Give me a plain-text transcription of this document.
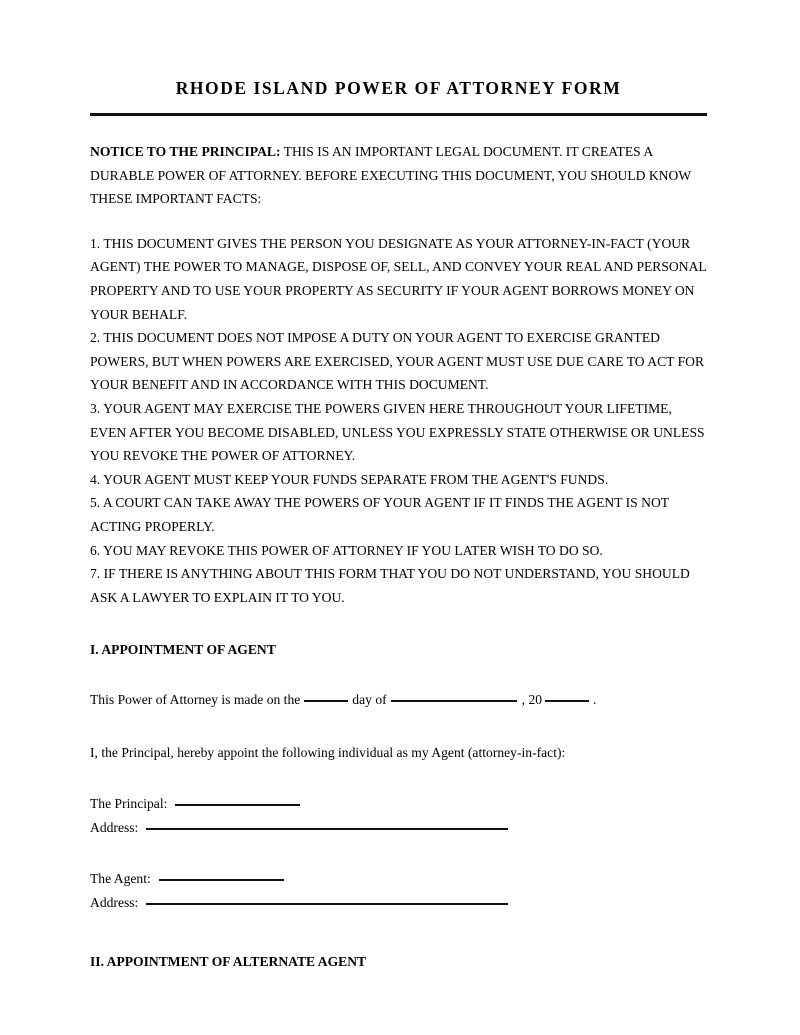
RHODE ISLAND POWER OF ATTORNEY FORM

NOTICE TO THE PRINCIPAL: THIS IS AN IMPORTANT LEGAL DOCUMENT. IT CREATES A DURABLE POWER OF ATTORNEY. BEFORE EXECUTING THIS DOCUMENT, YOU SHOULD KNOW THESE IMPORTANT FACTS:

1. THIS DOCUMENT GIVES THE PERSON YOU DESIGNATE AS YOUR ATTORNEY-IN-FACT (YOUR AGENT) THE POWER TO MANAGE, DISPOSE OF, SELL, AND CONVEY YOUR REAL AND PERSONAL PROPERTY AND TO USE YOUR PROPERTY AS SECURITY IF YOUR AGENT BORROWS MONEY ON YOUR BEHALF.

2. THIS DOCUMENT DOES NOT IMPOSE A DUTY ON YOUR AGENT TO EXERCISE GRANTED POWERS, BUT WHEN POWERS ARE EXERCISED, YOUR AGENT MUST USE DUE CARE TO ACT FOR YOUR BENEFIT AND IN ACCORDANCE WITH THIS DOCUMENT.

3. YOUR AGENT MAY EXERCISE THE POWERS GIVEN HERE THROUGHOUT YOUR LIFETIME, EVEN AFTER YOU BECOME DISABLED, UNLESS YOU EXPRESSLY STATE OTHERWISE OR UNLESS YOU REVOKE THE POWER OF ATTORNEY.

4. YOUR AGENT MUST KEEP YOUR FUNDS SEPARATE FROM THE AGENT'S FUNDS.

5. A COURT CAN TAKE AWAY THE POWERS OF YOUR AGENT IF IT FINDS THE AGENT IS NOT ACTING PROPERLY.

6. YOU MAY REVOKE THIS POWER OF ATTORNEY IF YOU LATER WISH TO DO SO.

7. IF THERE IS ANYTHING ABOUT THIS FORM THAT YOU DO NOT UNDERSTAND, YOU SHOULD ASK A LAWYER TO EXPLAIN IT TO YOU.

I. APPOINTMENT OF AGENT
This Power of Attorney is made on the	day of	, 20	.
I, the Principal, hereby appoint the following individual as my Agent (attorney-in-fact):
The Principal:
Address:
The Agent:
Address:
II. APPOINTMENT OF ALTERNATE AGENT
